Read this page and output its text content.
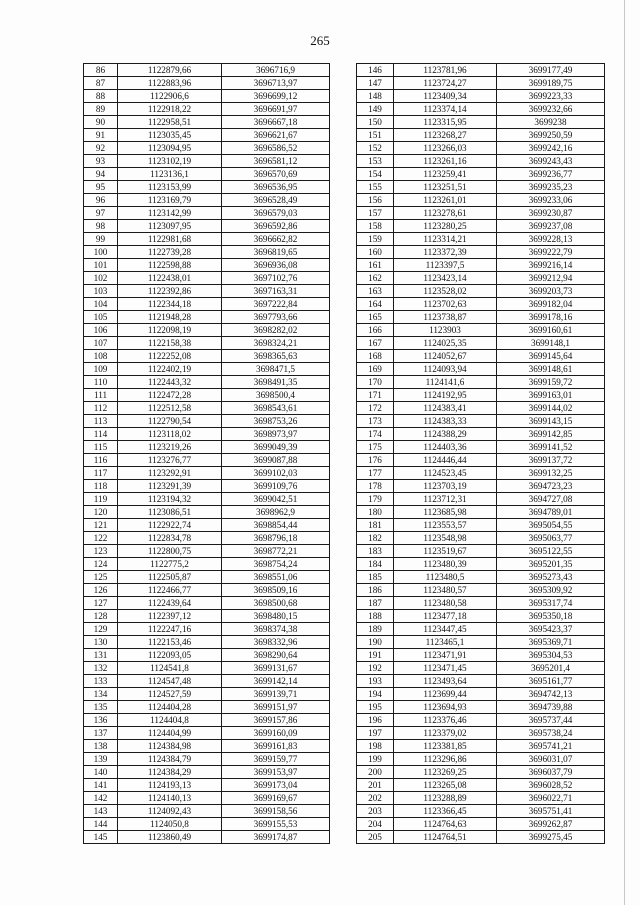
265
86	1122879,66	3696716,9
87	1122883,96	3696713,97
88	1122906,6	3696699,12
89	1122918,22	3696691,97
90	1122958,51	3696667,18
91	1123035,45	3696621,67
92	1123094,95	3696586,52
93	1123102,19	3696581,12
94	1123136,1	3696570,69
95	1123153,99	3696536,95
96	1123169,79	3696528,49
97	1123142,99	3696579,03
98	1123097,95	3696592,86
99	1122981,68	3696662,82
100	1122739,28	3696819,65
101	1122598,88	3696936,08
102	1122438,01	3697102,76
103	1122392,86	3697163,31
104	1122344,18	3697222,84
105	1121948,28	3697793,66
106	1122098,19	3698282,02
107	1122158,38	3698324,21
108	1122252,08	3698365,63
109	1122402,19	3698471,5
110	1122443,32	3698491,35
111	1122472,28	3698500,4
112	1122512,58	3698543,61
113	1122790,54	3698753,26
114	1123118,02	3698973,97
115	1123219,26	3699049,39
116	1123276,77	3699087,88
117	1123292,91	3699102,03
118	1123291,39	3699109,76
119	1123194,32	3699042,51
120	1123086,51	3698962,9
121	1122922,74	3698854,44
122	1122834,78	3698796,18
123	1122800,75	3698772,21
124	1122775,2	3698754,24
125	1122505,87	3698551,06
126	1122466,77	3698509,16
127	1122439,64	3698500,68
128	1122397,12	3698480,15
129	1122247,16	3698374,38
130	1122153,46	3698332,96
131	1122093,05	3698290,64
132	1124541,8	3699131,67
133	1124547,48	3699142,14
134	1124527,59	3699139,71
135	1124404,28	3699151,97
136	1124404,8	3699157,86
137	1124404,99	3699160,09
138	1124384,98	3699161,83
139	1124384,79	3699159,77
140	1124384,29	3699153,97
141	1124193,13	3699173,04
142	1124140,13	3699169,67
143	1124092,43	3699158,56
144	1124050,8	3699155,53
145	1123860,49	3699174,87
146	1123781,96	3699177,49
147	1123724,27	3699189,75
148	1123409,34	3699223,33
149	1123374,14	3699232,66
150	1123315,95	3699238
151	1123268,27	3699250,59
152	1123266,03	3699242,16
153	1123261,16	3699243,43
154	1123259,41	3699236,77
155	1123251,51	3699235,23
156	1123261,01	3699233,06
157	1123278,61	3699230,87
158	1123280,25	3699237,08
159	1123314,21	3699228,13
160	1123372,39	3699222,79
161	1123397,5	3699216,14
162	1123423,14	3699212,94
163	1123528,02	3699203,73
164	1123702,63	3699182,04
165	1123738,87	3699178,16
166	1123903	3699160,61
167	1124025,35	3699148,1
168	1124052,67	3699145,64
169	1124093,94	3699148,61
170	1124141,6	3699159,72
171	1124192,95	3699163,01
172	1124383,41	3699144,02
173	1124383,33	3699143,15
174	1124388,29	3699142,85
175	1124403,36	3699141,52
176	1124446,44	3699137,72
177	1124523,45	3699132,25
178	1123703,19	3694723,23
179	1123712,31	3694727,08
180	1123685,98	3694789,01
181	1123553,57	3695054,55
182	1123548,98	3695063,77
183	1123519,67	3695122,55
184	1123480,39	3695201,35
185	1123480,5	3695273,43
186	1123480,57	3695309,92
187	1123480,58	3695317,74
188	1123477,18	3695350,18
189	1123447,45	3695423,37
190	1123465,1	3695369,71
191	1123471,91	3695304,53
192	1123471,45	3695201,4
193	1123493,64	3695161,77
194	1123699,44	3694742,13
195	1123694,93	3694739,88
196	1123376,46	3695737,44
197	1123379,02	3695738,24
198	1123381,85	3695741,21
199	1123296,86	3696031,07
200	1123269,25	3696037,79
201	1123265,08	3696028,52
202	1123288,89	3696022,71
203	1123366,45	3695751,41
204	1124764,63	3699262,87
205	1124764,51	3699275,45
